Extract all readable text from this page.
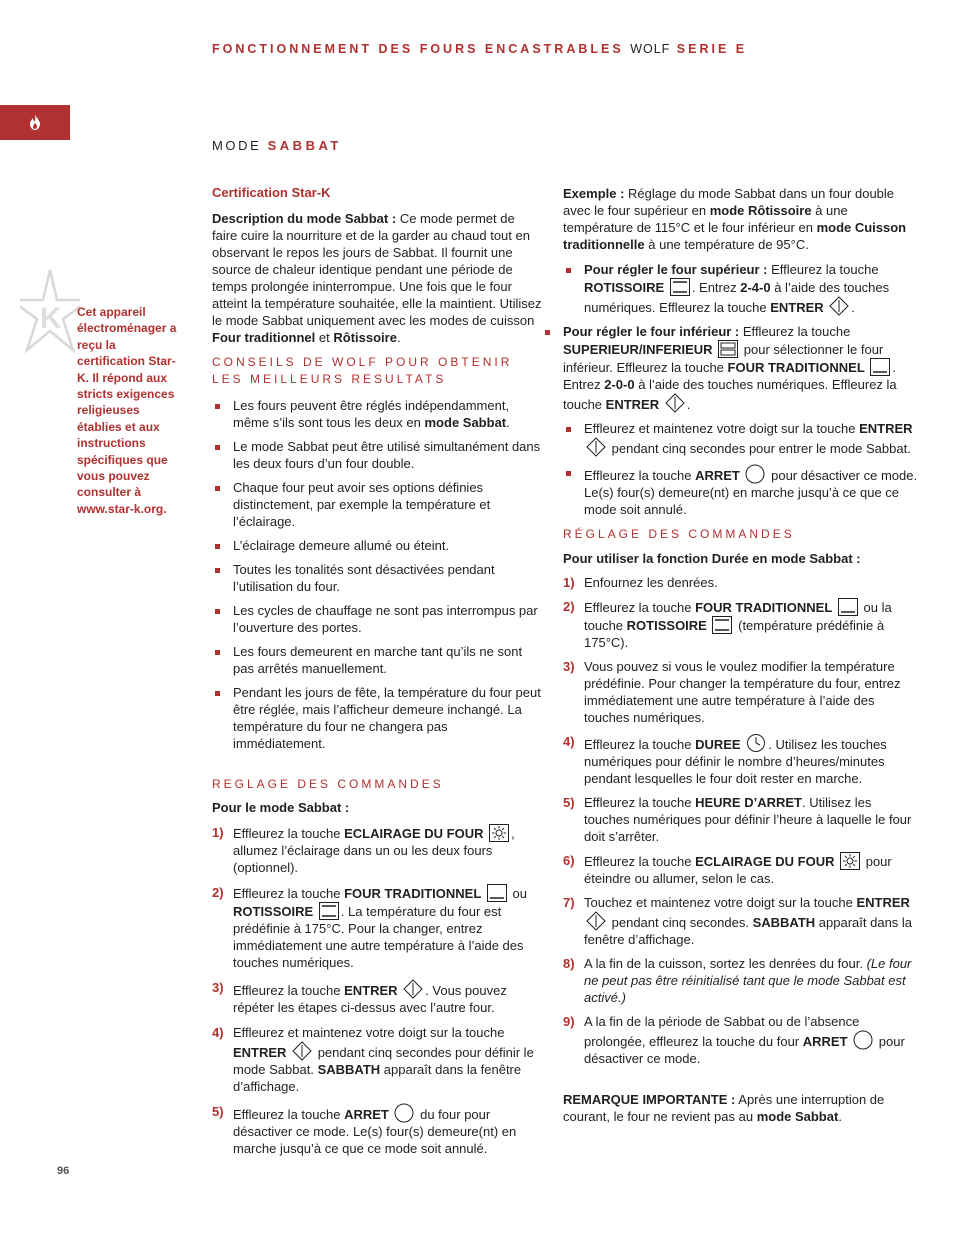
FONCTIONNEMENT DES FOURS ENCASTRABLES WOLF SERIE E
MODE SABBAT
K Cet appareil électroménager a reçu la certification Star-K. Il répond aux stricts exigences religieuses établies et aux instructions spécifiques que vous pouvez consulter à www.star-k.org.

Certification Star-K

Description du mode Sabbat : Ce mode permet de faire cuire la nourriture et de la garder au chaud tout en observant le repos les jours de Sabbat. Il fournit une source de chaleur identique pendant une période de temps prolongée ininterrompue. Une fois que le four atteint la température souhaitée, elle la maintient. Utilisez le mode Sabbat uniquement avec les modes de cuisson Four traditionnel et Rôtissoire.

CONSEILS DE WOLF POUR OBTENIR LES MEILLEURS RESULTATS

Les fours peuvent être réglés indépendamment, même s’ils sont tous les deux en mode Sabbat.
Le mode Sabbat peut être utilisé simultanément dans les deux fours d’un four double.
Chaque four peut avoir ses options définies distinctement, par exemple la température et l’éclairage.
L’éclairage demeure allumé ou éteint.
Toutes les tonalités sont désactivées pendant l’utilisation du four.
Les cycles de chauffage ne sont pas interrompus par l’ouverture des portes.
Les fours demeurent en marche tant qu’ils ne sont pas arrêtés manuellement.
Pendant les jours de fête, la température du four peut être réglée, mais l’afficheur demeure inchangé. La température du four ne changera pas immédiatement.

REGLAGE DES COMMANDES

Pour le mode Sabbat :

1) Effleurez la touche ECLAIRAGE DU FOUR , allumez l’éclairage dans un ou les deux fours (optionnel).
2) Effleurez la touche FOUR TRADITIONNEL ou ROTISSOIRE . La température du four est prédéfinie à 175°C. Pour la changer, entrez immédiatement une autre température à l’aide des touches numériques.
3) Effleurez la touche ENTRER . Vous pouvez répéter les étapes ci-dessus avec l’autre four.
4) Effleurez et maintenez votre doigt sur la touche ENTRER pendant cinq secondes pour définir le mode Sabbat. SABBATH apparaît dans la fenêtre d’affichage.
5) Effleurez la touche ARRET du four pour désactiver ce mode. Le(s) four(s) demeure(nt) en marche jusqu’à ce que ce mode soit annulé.

Exemple : Réglage du mode Sabbat dans un four double avec le four supérieur en mode Rôtissoire à une température de 115°C et le four inférieur en mode Cuisson traditionnelle à une température de 95°C.

Pour régler le four supérieur : Effleurez la touche ROTISSOIRE . Entrez 2-4-0 à l’aide des touches numériques. Effleurez la touche ENTRER .
Pour régler le four inférieur : Effleurez la touche SUPERIEUR/INFERIEUR pour sélectionner le four inférieur. Effleurez la touche FOUR TRADITIONNEL . Entrez 2-0-0 à l’aide des touches numériques. Effleurez la touche ENTRER .
Effleurez et maintenez votre doigt sur la touche ENTRER  pendant cinq secondes pour entrer le mode Sabbat.
Effleurez la touche ARRET pour désactiver ce mode. Le(s) four(s) demeure(nt) en marche jusqu’à ce que ce mode soit annulé.

RÉGLAGE DES COMMANDES

Pour utiliser la fonction Durée en mode Sabbat :

1) Enfournez les denrées.
2) Effleurez la touche FOUR TRADITIONNEL ou la touche ROTISSOIRE (température prédéfinie à 175°C).
3) Vous pouvez si vous le voulez modifier la température prédéfinie. Pour changer la température du four, entrez immédiatement une autre température à l’aide des touches numériques.
4) Effleurez la touche DUREE . Utilisez les touches numériques pour définir le nombre d’heures/minutes pendant lesquelles le four doit rester en marche.
5) Effleurez la touche HEURE D’ARRET. Utilisez les touches numériques pour définir l’heure à laquelle le four doit s’arrêter.
6) Effleurez la touche ECLAIRAGE DU FOUR pour éteindre ou allumer, selon le cas.
7) Touchez et maintenez votre doigt sur la touche ENTRER  pendant cinq secondes. SABBATH apparaît dans la fenêtre d’affichage.
8) A la fin de la cuisson, sortez les denrées du four. (Le four ne peut pas être réinitialisé tant que le mode Sabbat est activé.)
9) A la fin de la période de Sabbat ou de l’absence prolongée, effleurez la touche du four ARRET pour désactiver ce mode.

REMARQUE IMPORTANTE : Après une interruption de courant, le four ne revient pas au mode Sabbat.

96
